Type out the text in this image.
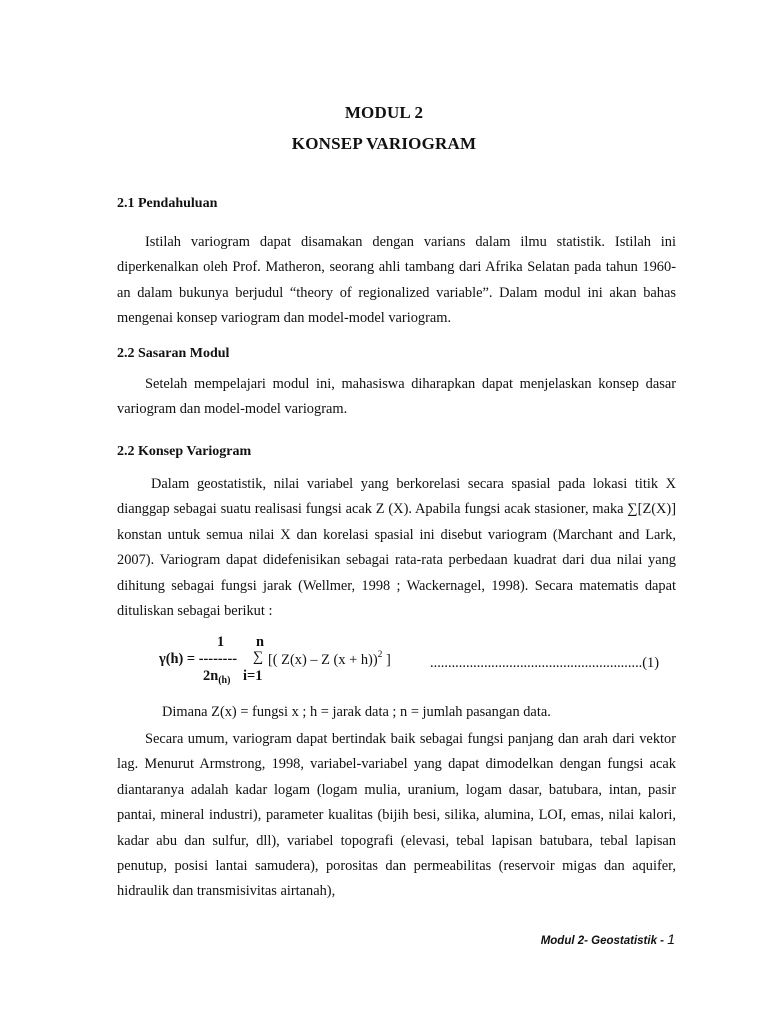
MODUL 2
KONSEP VARIOGRAM
2.1 Pendahuluan

Istilah variogram dapat disamakan dengan varians dalam ilmu statistik. Istilah ini diperkenalkan oleh Prof. Matheron, seorang ahli tambang dari Afrika Selatan pada tahun 1960-an dalam bukunya berjudul “theory of regionalized variable”. Dalam modul ini akan bahas mengenai konsep variogram dan model-model variogram.

2.2 Sasaran Modul

Setelah mempelajari modul ini, mahasiswa diharapkan dapat menjelaskan konsep dasar variogram dan model-model variogram.

2.2 Konsep Variogram

Dalam geostatistik, nilai variabel yang berkorelasi secara spasial pada lokasi titik X dianggap sebagai suatu realisasi fungsi acak Z (X). Apabila fungsi acak stasioner, maka ∑[Z(X)] konstan untuk semua nilai X dan korelasi spasial ini disebut variogram (Marchant and Lark, 2007). Variogram dapat didefenisikan sebagai rata-rata perbedaan kuadrat dari dua nilai yang dihitung sebagai fungsi jarak (Wellmer, 1998 ; Wackernagel, 1998). Secara matematis dapat dituliskan sebagai berikut :

1 n
γ(h) = -------- ∑ [( Z(x) – Z (x + h))$^2$ ]	...........................................................(1)
$2n_{(h)}$ i=1
Dimana Z(x) = fungsi x ; h = jarak data ; n = jumlah pasangan data.

Secara umum, variogram dapat bertindak baik sebagai fungsi panjang dan arah dari vektor lag. Menurut Armstrong, 1998, variabel-variabel yang dapat dimodelkan dengan fungsi acak diantaranya adalah kadar logam (logam mulia, uranium, logam dasar, batubara, intan, pasir pantai, mineral industri), parameter kualitas (bijih besi, silika, alumina, LOI, emas, nilai kalori, kadar abu dan sulfur, dll), variabel topografi (elevasi, tebal lapisan batubara, tebal lapisan penutup, posisi lantai samudera), porositas dan permeabilitas (reservoir migas dan aquifer, hidraulik dan transmisivitas airtanah),

Modul 2- Geostatistik - 1
